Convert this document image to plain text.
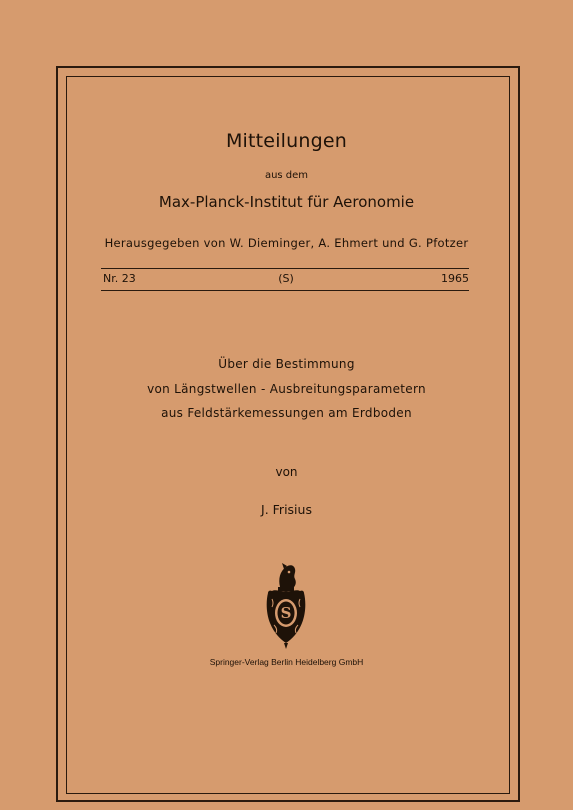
Mitteilungen
aus dem
Max-Planck-Institut für Aeronomie
Herausgegeben von W. Dieminger, A. Ehmert und G. Pfotzer
Nr. 23	(S)	1965
Über die Bestimmung
von Längstwellen - Ausbreitungsparametern
aus Feldstärkemessungen am Erdboden
von
J. Frisius
S
Springer-Verlag Berlin Heidelberg GmbH
